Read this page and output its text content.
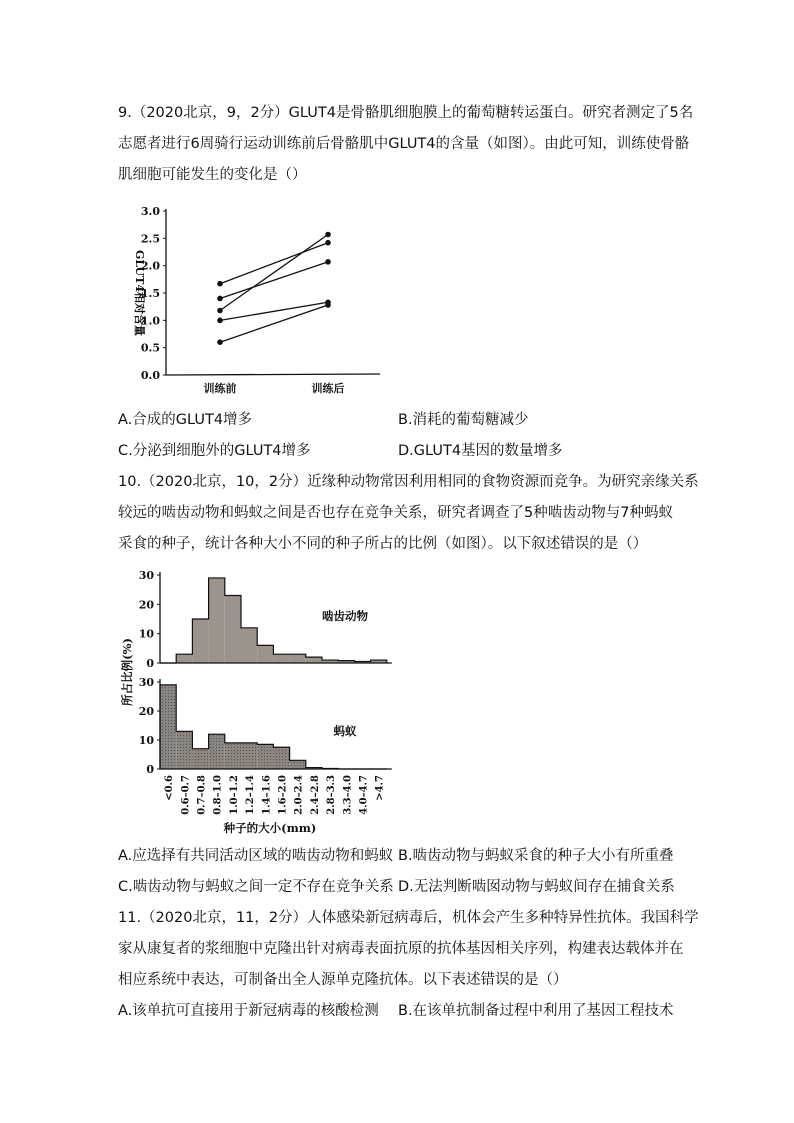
9.（2020北京，9，2分）GLUT4是骨骼肌细胞膜上的葡萄糖转运蛋白。研究者测定了5名
志愿者进行6周骑行运动训练前后骨骼肌中GLUT4的含量（如图）。由此可知，训练使骨骼
肌细胞可能发生的变化是（）
0.0
0.5
1.0
1.5
2.0
2.5
3.0
训练前	训练后
GLUT4相对含量
A.合成的GLUT4增多	B.消耗的葡萄糖减少
C.分泌到细胞外的GLUT4增多	D.GLUT4基因的数量增多
10.（2020北京，10，2分）近缘种动物常因利用相同的食物资源而竞争。为研究亲缘关系
较远的啮齿动物和蚂蚁之间是否也存在竞争关系，研究者调查了5种啮齿动物与7种蚂蚁
采食的种子，统计各种大小不同的种子所占的比例（如图）。以下叙述错误的是（）
0
10
20
30
啮齿动物
0
10
20
30
蚂蚁
<0.6 0.6–0.7 0.7–0.8 0.8–1.0 1.0–1.2 1.2–1.4 1.4–1.6 1.6–2.0 2.0–2.4 2.4–2.8 2.8–3.3 3.3–4.0 4.0–4.7 >4.7
种子的大小(mm)
所占比例(%)
A.应选择有共同活动区域的啮齿动物和蚂蚁 B.啮齿动物与蚂蚁采食的种子大小有所重叠
C.啮齿动物与蚂蚁之间一定不存在竞争关系 D.无法判断啮囡动物与蚂蚁间存在捕食关系
11.（2020北京，11，2分）人体感染新冠病毒后，机体会产生多种特异性抗体。我国科学
家从康复者的浆细胞中克隆出针对病毒表面抗原的抗体基因相关序列，构建表达载体并在
相应系统中表达，可制备出全人源单克隆抗体。以下表述错误的是（）
A.该单抗可直接用于新冠病毒的核酸检测 B.在该单抗制备过程中利用了基因工程技术
